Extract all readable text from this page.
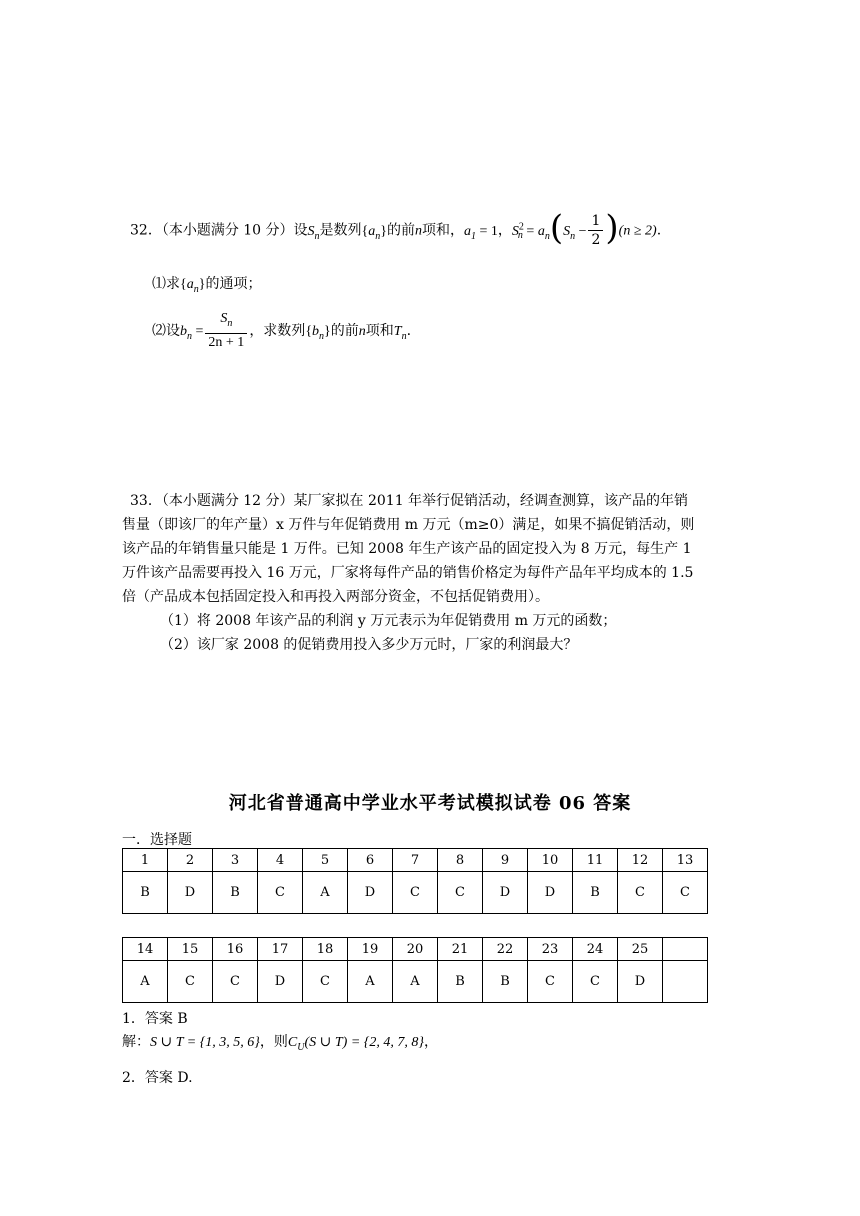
32．（本小题满分 10 分）设$S_n$是数列$\{a_n\}$的前n项和，$a_1 = 1$，$S^2_n = a_n(S_n - \frac{1}{2} )(n \ge 2)$.
⑴求$\{a_n\}$的通项；
⑵设$b_n = \frac{S_n}{2n + 1}$ ，求数列$\{b_n\}$的前n项和$T_n$.
33．（本小题满分 12 分）某厂家拟在 2011 年举行促销活动，经调查测算，该产品的年销
售量（即该厂的年产量）x 万件与年促销费用 m 万元（m≥0）满足，如果不搞促销活动，则
该产品的年销售量只能是 1 万件。已知 2008 年生产该产品的固定投入为 8 万元，每生产 1
万件该产品需要再投入 16 万元，厂家将每件产品的销售价格定为每件产品年平均成本的 1.5
倍（产品成本包括固定投入和再投入两部分资金，不包括促销费用）。
（1）将 2008 年该产品的利润 y 万元表示为年促销费用 m 万元的函数；
（2）该厂家 2008 的促销费用投入多少万元时，厂家的利润最大？
河北省普通高中学业水平考试模拟试卷 06 答案
一．选择题
1	2	3	4	5	6	7	8	9	10	11	12	13
B	D	B	C	A	D	C	C	D	D	B	C	C
14	15	16	17	18	19	20	21	22	23	24	25	
A	C	C	D	C	A	A	B	B	C	C	D	
1．答案 B
解：S ∪ T = {1, 3, 5, 6}，则$C_U(S$ ∪ T) = {2, 4, 7, 8}，
2．答案 D.
